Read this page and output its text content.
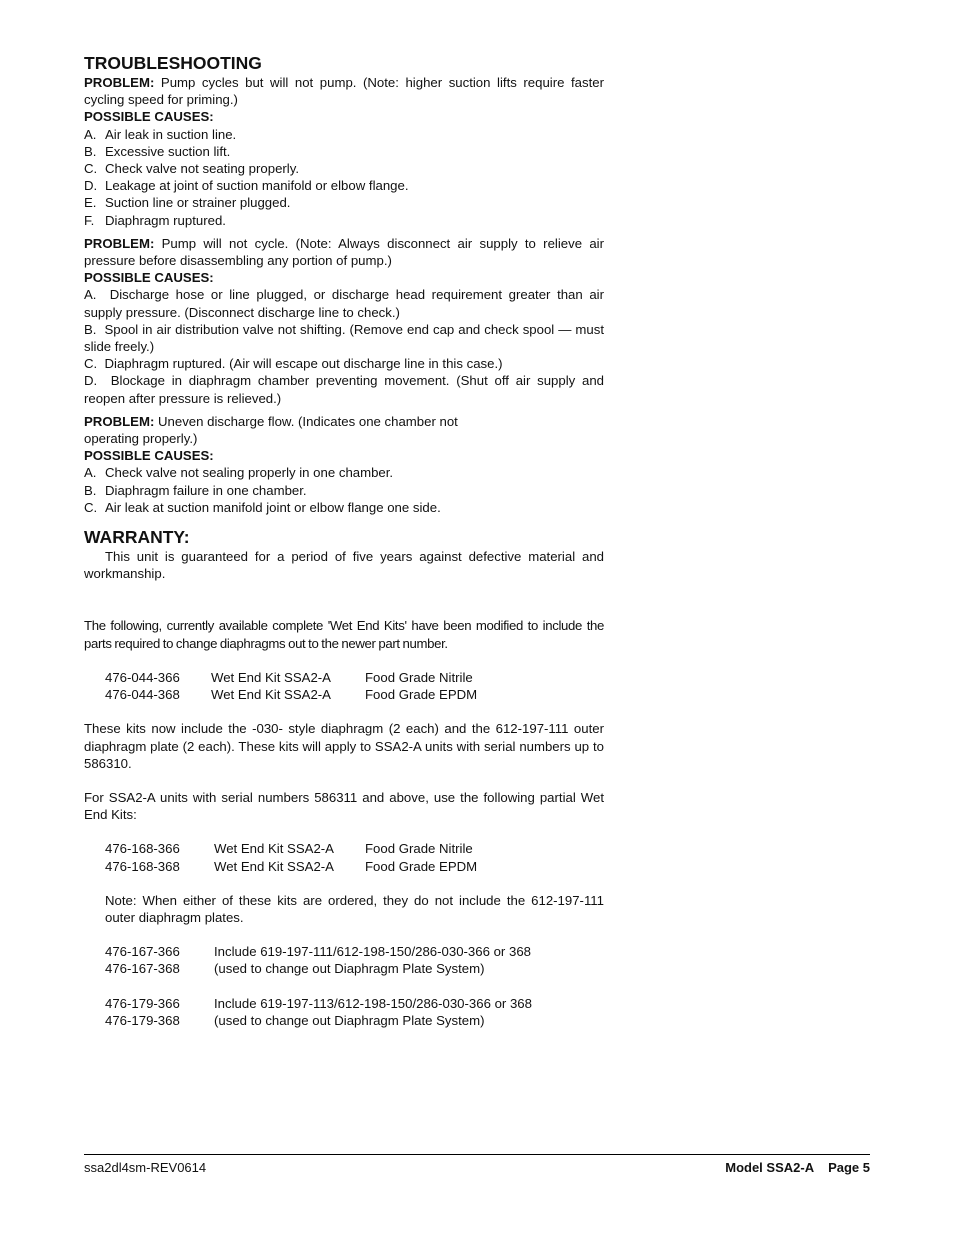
TROUBLESHOOTING

PROBLEM: Pump cycles but will not pump. (Note: higher suction lifts require faster cycling speed for priming.)

POSSIBLE CAUSES:
A. Air leak in suction line.
B. Excessive suction lift.
C. Check valve not seating properly.
D. Leakage at joint of suction manifold or elbow flange.
E. Suction line or strainer plugged.
F. Diaphragm ruptured.

PROBLEM: Pump will not cycle. (Note: Always disconnect air supply to relieve air pressure before disassembling any portion of pump.)

POSSIBLE CAUSES:

A. Discharge hose or line plugged, or discharge head requirement greater than air supply pressure. (Disconnect discharge line to check.)

B. Spool in air distribution valve not shifting. (Remove end cap and check spool — must slide freely.)

C. Diaphragm ruptured. (Air will escape out discharge line in this case.)

D. Blockage in diaphragm chamber preventing movement. (Shut off air supply and reopen after pressure is relieved.)

PROBLEM: Uneven discharge flow. (Indicates one chamber not
operating properly.)
POSSIBLE CAUSES:
A. Check valve not sealing properly in one chamber.
B. Diaphragm failure in one chamber.
C. Air leak at suction manifold joint or elbow flange one side.
WARRANTY:

This unit is guaranteed for a period of five years against defective material and workmanship.

The following, currently available complete 'Wet End Kits' have been modified to include the parts required to change diaphragms out to the newer part number.

476-044-366	Wet End Kit SSA2-A	Food Grade Nitrile
476-044-368	Wet End Kit SSA2-A	Food Grade EPDM

These kits now include the -030- style diaphragm (2 each) and the 612-197-111 outer diaphragm plate (2 each). These kits will apply to SSA2-A units with serial numbers up to 586310.

For SSA2-A units with serial numbers 586311 and above, use the following partial Wet End Kits:

476-168-366	Wet End Kit SSA2-A	Food Grade Nitrile
476-168-368	Wet End Kit SSA2-A	Food Grade EPDM

Note: When either of these kits are ordered, they do not include the 612-197-111 outer diaphragm plates.

476-167-366	Include 619-197-111/612-198-150/286-030-366 or 368
476-167-368	(used to change out Diaphragm Plate System)
476-179-366	Include 619-197-113/612-198-150/286-030-366 or 368
476-179-368	(used to change out Diaphragm Plate System)
ssa2dl4sm-REV0614	Model SSA2-A Page 5
